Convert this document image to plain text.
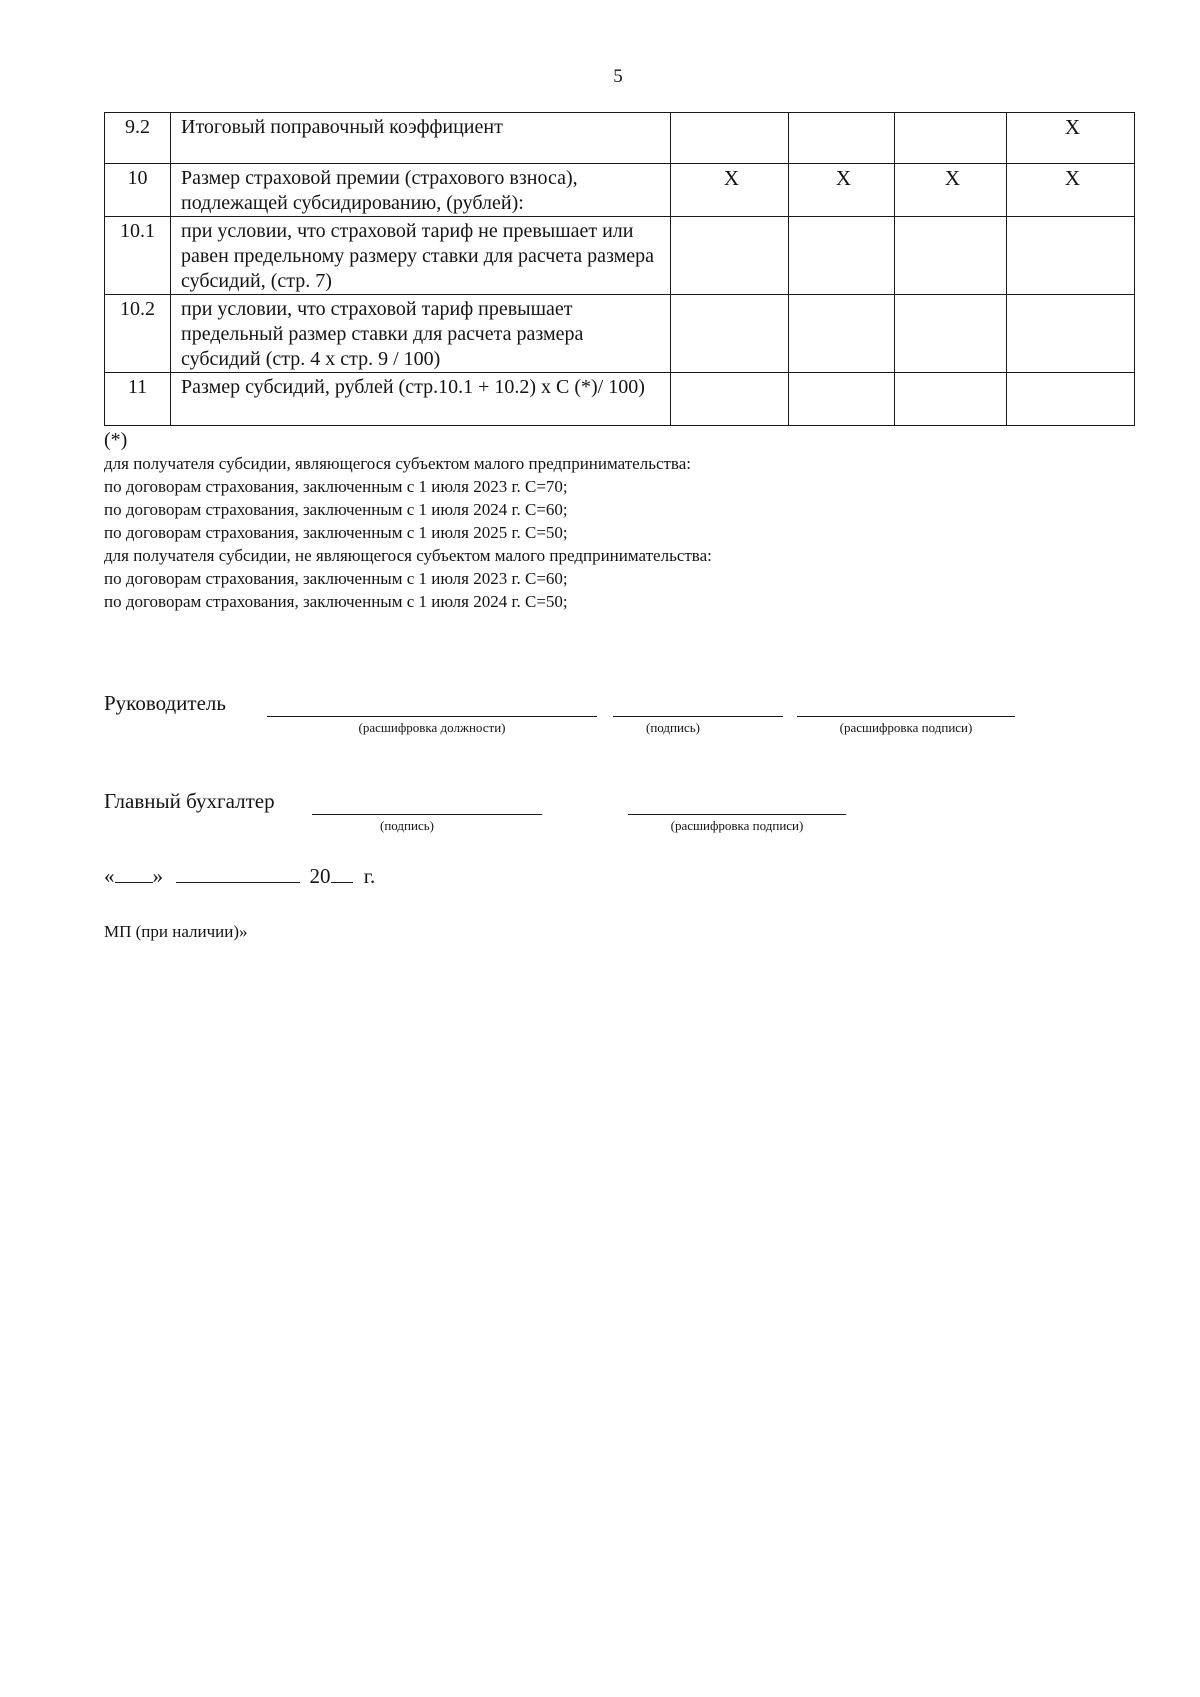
5
9.2	Итоговый поправочный коэффициент				X
10	Размер страховой премии (страхового взноса), подлежащей субсидированию, (рублей):	X	X	X	X
10.1	при условии, что страховой тариф не превышает или равен предельному размеру ставки для расчета размера субсидий, (стр. 7)				
10.2	при условии, что страховой тариф превышает предельный размер ставки для расчета размера субсидий (стр. 4 х стр. 9 / 100)				
11	Размер субсидий, рублей (стр.10.1 + 10.2) х С (*)/ 100)				
(*)
для получателя субсидии, являющегося субъектом малого предпринимательства:
по договорам страхования, заключенным с 1 июля 2023 г. С=70;
по договорам страхования, заключенным с 1 июля 2024 г. С=60;
по договорам страхования, заключенным с 1 июля 2025 г. С=50;
для получателя субсидии, не являющегося субъектом малого предпринимательства:
по договорам страхования, заключенным с 1 июля 2023 г. С=60;
по договорам страхования, заключенным с 1 июля 2024 г. С=50;
Руководитель
(расшифровка должности)	(подпись)	(расшифровка подписи)
Главный бухгалтер
(подпись)	(расшифровка подписи)
« »	20 г.
МП (при наличии)»
